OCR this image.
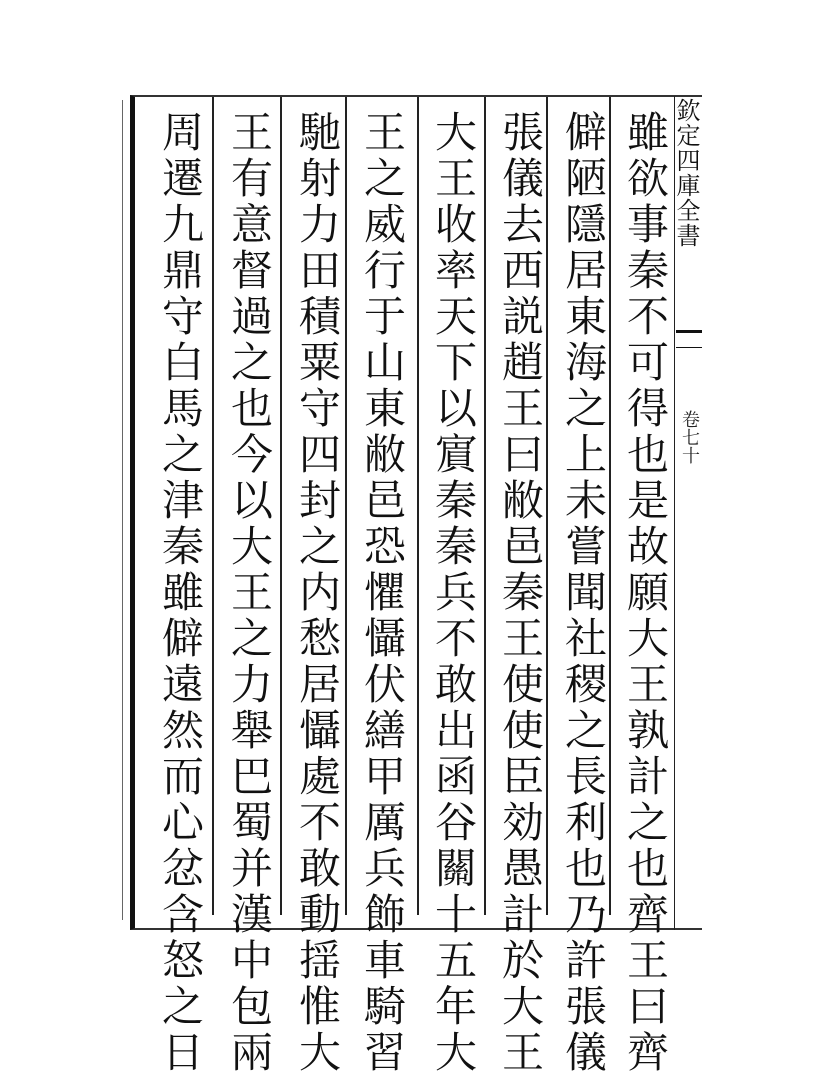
欽定四庫全書
卷七十
雖欲事秦不可得也是故願大王孰計之也齊王曰齊
僻陋隱居東海之上未嘗聞社稷之長利也乃許張儀
張儀去西説趙王曰敝邑秦王使使臣効愚計於大王
大王收率天下以賔秦秦兵不敢出函谷關十五年大
王之威行于山東敝邑恐懼懾伏繕甲厲兵飾車騎習
馳射力田積粟守四封之内愁居懾處不敢動揺惟大
王有意督過之也今以大王之力舉巴蜀并漢中包兩
周遷九鼎守白馬之津秦雖僻遠然而心忿含怒之日
